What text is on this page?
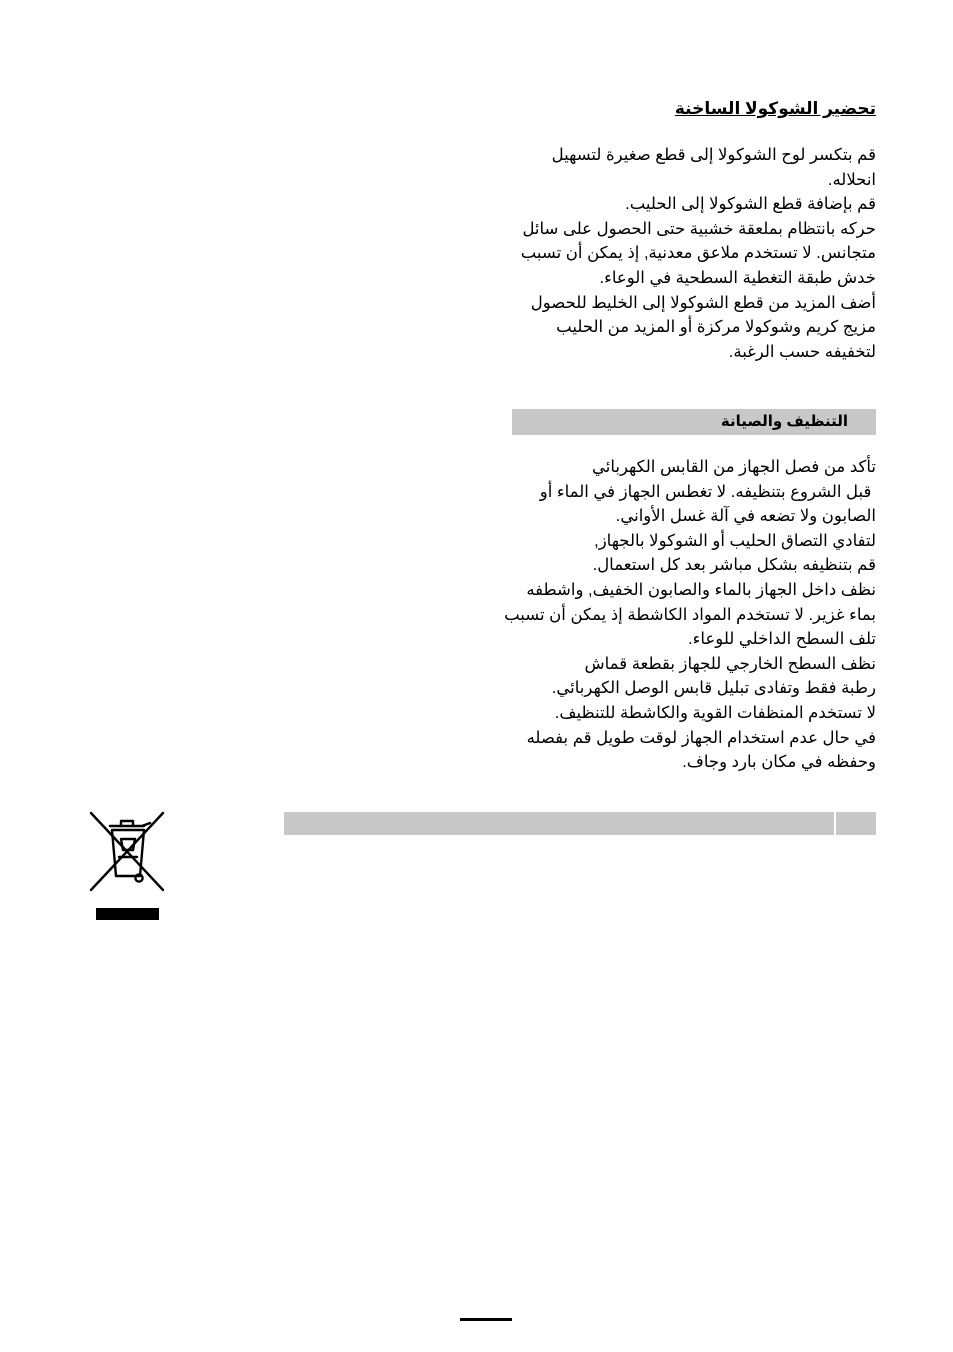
تحضير الشوكولا الساخنة

قم بتكسر لوح الشوكولا إلى قطع صغيرة لتسهيل

انحلاله.

قم بإضافة قطع الشوكولا إلى الحليب.

حركه بانتظام بملعقة خشبية حتى الحصول على سائل

متجانس. لا تستخدم ملاعق معدنية, إذ يمكن أن تسبب

خدش طبقة التغطية السطحية في الوعاء.

أضف المزيد من قطع الشوكولا إلى الخليط للحصول

مزيج كريم وشوكولا مركزة أو المزيد من الحليب

لتخفيفه حسب الرغبة.

التنظيف والصيانة

تأكد من فصل الجهاز من القابس الكهربائي

قبل الشروع بتنظيفه. لا تغطس الجهاز في الماء أو

الصابون ولا تضعه في آلة غسل الأواني.

لتفادي التصاق الحليب أو الشوكولا بالجهاز,

قم بتنظيفه بشكل مباشر بعد كل استعمال.

نظف داخل الجهاز بالماء والصابون الخفيف, واشطفه

بماء غزير. لا تستخدم المواد الكاشطة إذ يمكن أن تسبب

تلف السطح الداخلي للوعاء.

نظف السطح الخارجي للجهاز بقطعة قماش

رطبة فقط وتفادى تبليل قابس الوصل الكهربائي.

لا تستخدم المنظفات القوية والكاشطة للتنظيف.

في حال عدم استخدام الجهاز لوقت طويل قم بفصله

وحفظه في مكان بارد وجاف.
